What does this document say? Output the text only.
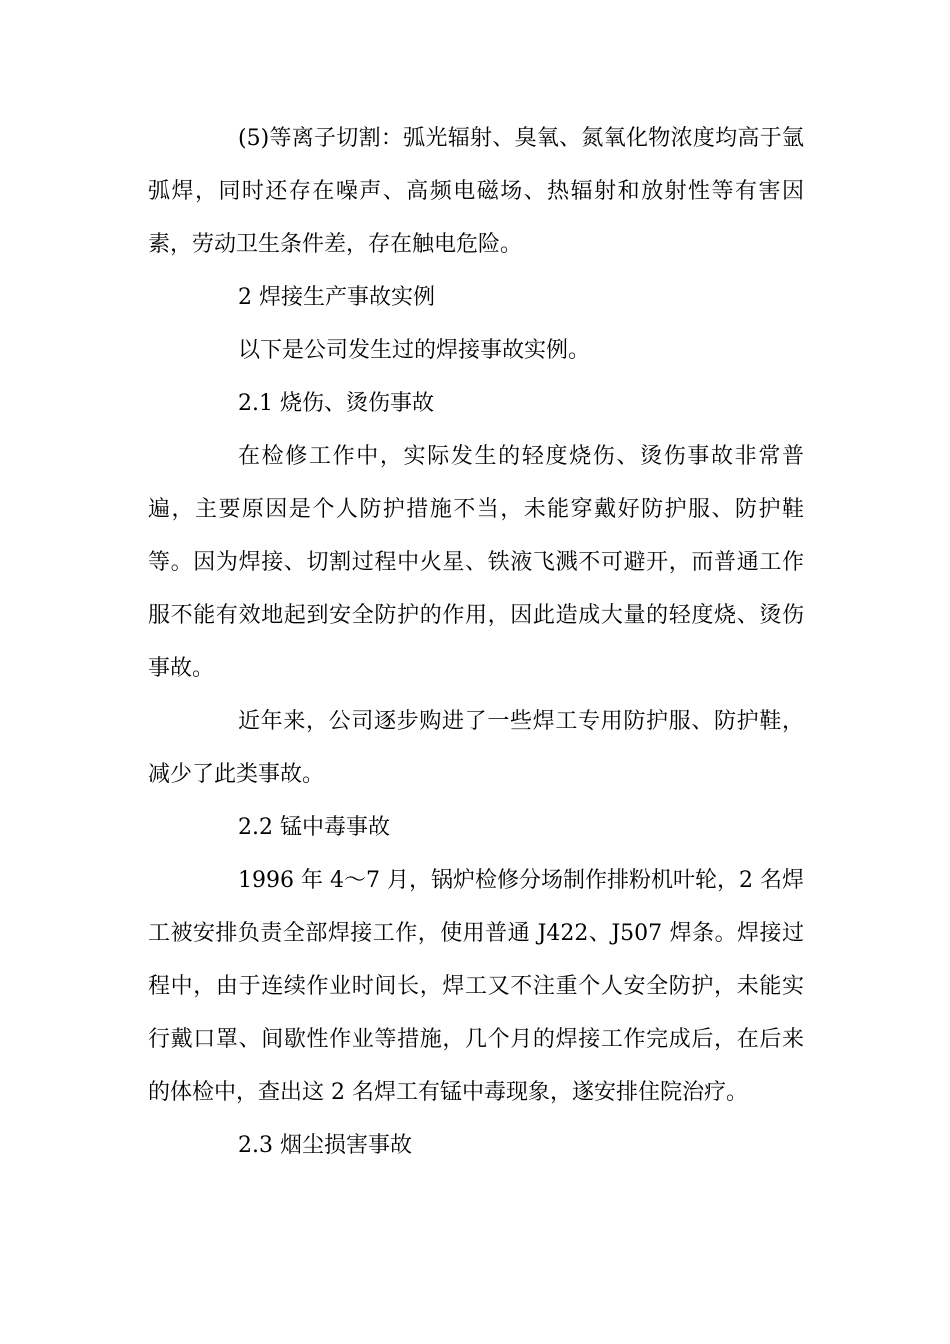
(5)等离子切割：弧光辐射、臭氧、氮氧化物浓度均高于氩弧焊，同时还存在噪声、高频电磁场、热辐射和放射性等有害因素，劳动卫生条件差，存在触电危险。

2 焊接生产事故实例

以下是公司发生过的焊接事故实例。

2.1 烧伤、烫伤事故

在检修工作中，实际发生的轻度烧伤、烫伤事故非常普遍，主要原因是个人防护措施不当，未能穿戴好防护服、防护鞋等。因为焊接、切割过程中火星、铁液飞溅不可避开，而普通工作服不能有效地起到安全防护的作用，因此造成大量的轻度烧、烫伤事故。

近年来，公司逐步购进了一些焊工专用防护服、防护鞋，减少了此类事故。

2.2 锰中毒事故

1996 年 4～7 月，锅炉检修分场制作排粉机叶轮，2 名焊工被安排负责全部焊接工作，使用普通 J422、J507 焊条。焊接过程中，由于连续作业时间长，焊工又不注重个人安全防护，未能实行戴口罩、间歇性作业等措施，几个月的焊接工作完成后，在后来的体检中，查出这 2 名焊工有锰中毒现象，遂安排住院治疗。

2.3 烟尘损害事故
